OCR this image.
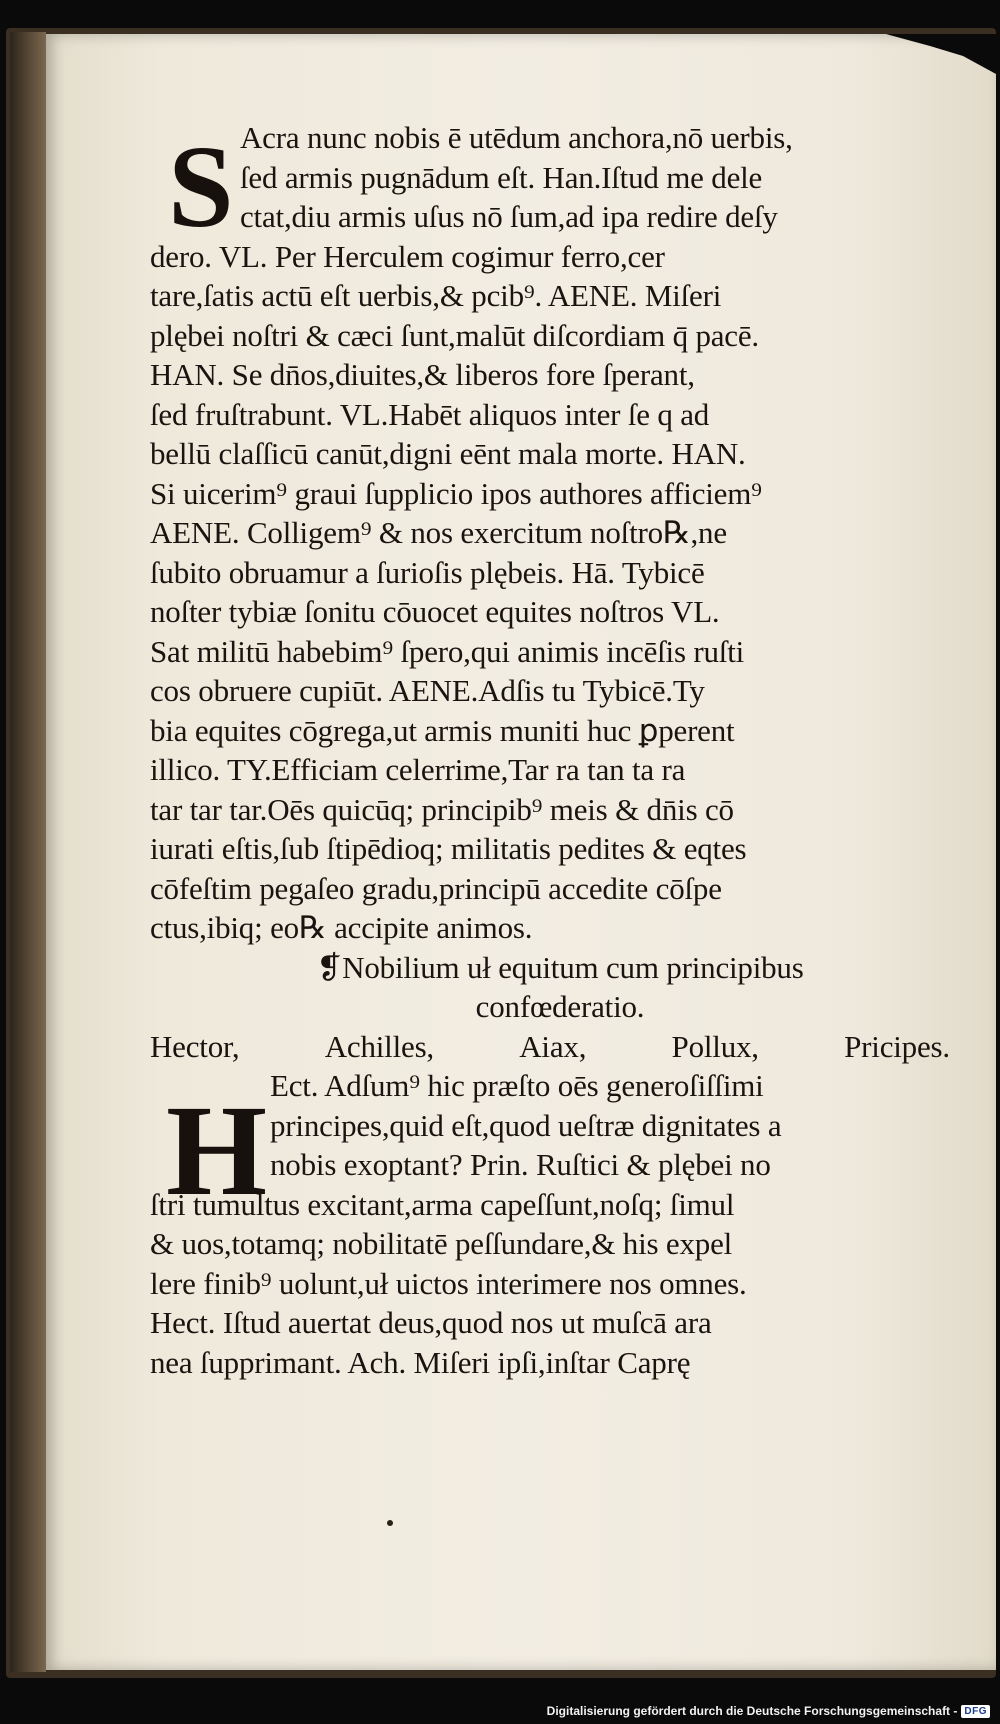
S
H
Acra nunc nobis ē utēdum anchora,nō uerbis,
ſed armis pugnādum eſt. Han.Iſtud me dele
ctat,diu armis uſus nō ſum,ad ipa redire deſy
dero. VL. Per Herculem cogimur ferro,cer
tare,ſatis actū eſt uerbis,& pcib⁹. AENE. Miſeri
plębei noſtri & cæci ſunt,malūt diſcordiam q̄ pacē.
HAN. Se dn̄os,diuites,& liberos fore ſperant,
ſed fruſtrabunt. VL.Habēt aliquos inter ſe q ad
bellū claſſicū canūt,digni eēnt mala morte. HAN.
Si uicerim⁹ graui ſupplicio ipos authores afficiem⁹
AENE. Colligem⁹ & nos exercitum noſtro℞,ne
ſubito obruamur a ſurioſis plębeis. Hā. Tybicē
noſter tybiæ ſonitu cōuocet equites noſtros VL.
Sat militū habebim⁹ ſpero,qui animis incēſis ruſti
cos obruere cupiūt. AENE.Adſis tu Tybicē.Ty
bia equites cōgrega,ut armis muniti huc ꝑperent
illico. TY.Efficiam celerrime,Tar ra tan ta ra
tar tar tar.Oēs quicūq; principib⁹ meis & dn̄is cō
iurati eſtis,ſub ſtipēdioq; militatis pedites & eqtes
cōfeſtim pegaſeo gradu,principū accedite cōſpe
ctus,ibiq; eo℞ accipite animos.
❡Nobilium uł equitum cum principibus
confœderatio.
Hector,	Achilles,	Aiax,	Pollux,	Pricipes.
Ect. Adſum⁹ hic præſto oēs generoſiſſimi
principes,quid eſt,quod ueſtræ dignitates a
nobis exoptant? Prin. Ruſtici & plębei no
ſtri tumultus excitant,arma capeſſunt,noſq; ſimul
& uos,totamq; nobilitatē peſſundare,& his expel
lere finib⁹ uolunt,uł uictos interimere nos omnes.
Hect. Iſtud auertat deus,quod nos ut muſcā ara
nea ſupprimant. Ach. Miſeri ipſi,inſtar Caprę
Digitalisierung gefördert durch die Deutsche Forschungsgemeinschaft - DFG
